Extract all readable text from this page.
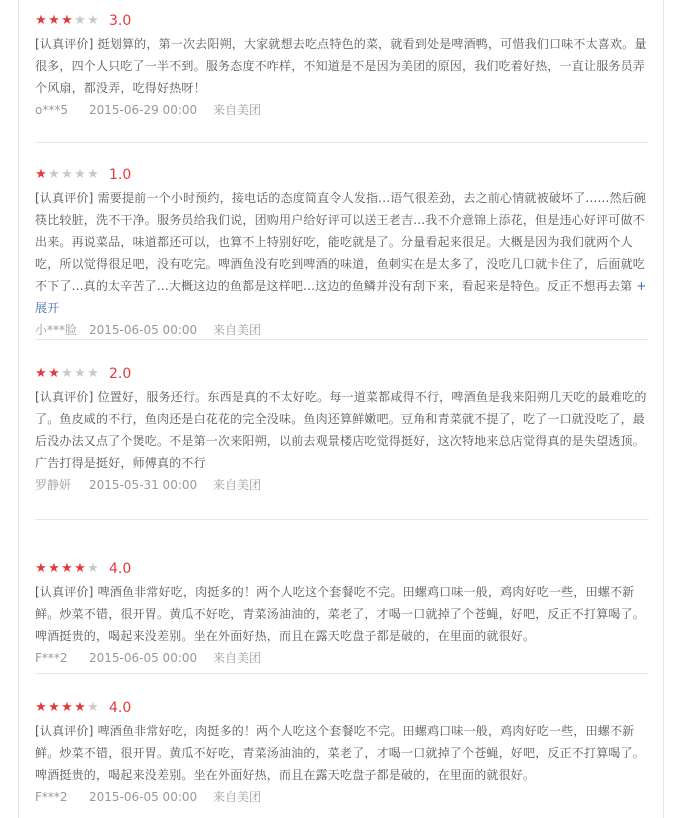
★ ★ ★ ★ ★ 3.0
[认真评价] 挺划算的，第一次去阳朔，大家就想去吃点特色的菜，就看到处是啤酒鸭，可惜我们口味不太喜欢。量很多，四个人只吃了一半不到。服务态度不咋样，不知道是不是因为美团的原因，我们吃着好热，一直让服务员弄个风扇，都没弄，吃得好热呀！
o***5	2015-06-29 00:00	来自美团
★ ★ ★ ★ ★ 1.0
[认真评价] 需要提前一个小时预约，接电话的态度简直令人发指...语气很差劲，去之前心情就被破坏了......然后碗筷比较脏，洗不干净。服务员给我们说，团购用户给好评可以送王老吉...我不介意锦上添花，但是违心好评可做不出来。再说菜品，味道都还可以，也算不上特别好吃，能吃就是了。分量看起来很足。大概是因为我们就两个人吃，所以觉得很足吧，没有吃完。啤酒鱼没有吃到啤酒的味道，鱼刺实在是太多了，没吃几口就卡住了，后面就吃不下了...真的太辛苦了...大概这边的鱼都是这样吧...这边的鱼鳞并没有刮下来，看起来是特色。反正不想再去第 + 展开
小***脸 2015-06-05 00:00	来自美团
★ ★ ★ ★ ★ 2.0
[认真评价] 位置好，服务还行。东西是真的不太好吃。每一道菜都咸得不行，啤酒鱼是我来阳朔几天吃的最难吃的了。鱼皮咸的不行，鱼肉还是白花花的完全没味。鱼肉还算鲜嫩吧。豆角和青菜就不提了，吃了一口就没吃了，最后没办法又点了个煲吃。不是第一次来阳朔，以前去观景楼店吃觉得挺好，这次特地来总店觉得真的是失望透顶。广告打得是挺好，师傅真的不行
罗静妍	2015-05-31 00:00	来自美团
★ ★ ★ ★ ★ 4.0
[认真评价] 啤酒鱼非常好吃，肉挺多的！两个人吃这个套餐吃不完。田螺鸡口味一般，鸡肉好吃一些，田螺不新鲜。炒菜不错，很开胃。黄瓜不好吃，青菜汤油油的，菜老了，才喝一口就掉了个苍蝇，好吧，反正不打算喝了。啤酒挺贵的，喝起来没差别。坐在外面好热，而且在露天吃盘子都是破的，在里面的就很好。
F***2	2015-06-05 00:00	来自美团
★ ★ ★ ★ ★ 4.0
[认真评价] 啤酒鱼非常好吃，肉挺多的！两个人吃这个套餐吃不完。田螺鸡口味一般，鸡肉好吃一些，田螺不新鲜。炒菜不错，很开胃。黄瓜不好吃，青菜汤油油的，菜老了，才喝一口就掉了个苍蝇，好吧，反正不打算喝了。啤酒挺贵的，喝起来没差别。坐在外面好热，而且在露天吃盘子都是破的，在里面的就很好。
F***2	2015-06-05 00:00	来自美团
